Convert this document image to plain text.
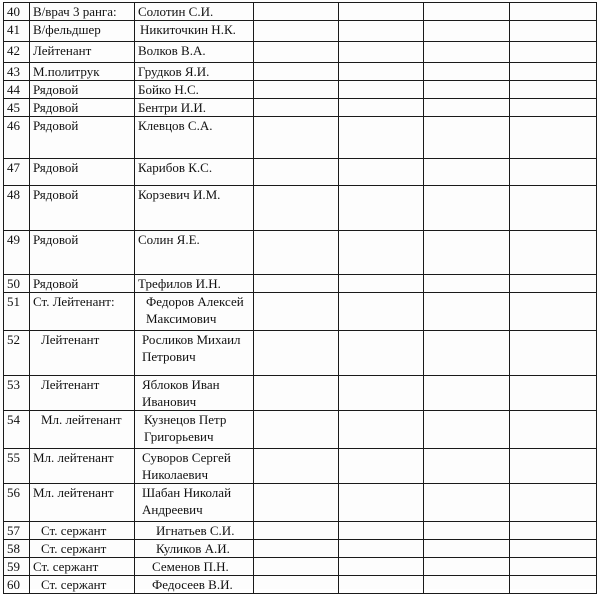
40	В/врач 3 ранга:	Солотин С.И.				
41	В/фельдшер	Никиточкин Н.К.				
42	Лейтенант	Волков В.А.				
43	М.политрук	Грудков Я.И.				
44	Рядовой	Бойко Н.С.				
45	Рядовой	Бентри И.И.				
46	Рядовой	Клевцов С.А.				
47	Рядовой	Карибов К.С.				
48	Рядовой	Корзевич И.М.				
49	Рядовой	Солин Я.Е.				
50	Рядовой	Трефилов И.Н.				
51	Ст. Лейтенант:	Федоров Алексей Максимович				
52	Лейтенант	Росликов Михаил Петрович				
53	Лейтенант	Яблоков Иван Иванович				
54	Мл. лейтенант	Кузнецов Петр Григорьевич				
55	Мл. лейтенант	Суворов Сергей Николаевич				
56	Мл. лейтенант	Шабан Николай Андреевич				
57	Ст. сержант	Игнатьев С.И.				
58	Ст. сержант	Куликов А.И.				
59	Ст. сержант	Семенов П.Н.				
60	Ст. сержант	Федосеев В.И.				
